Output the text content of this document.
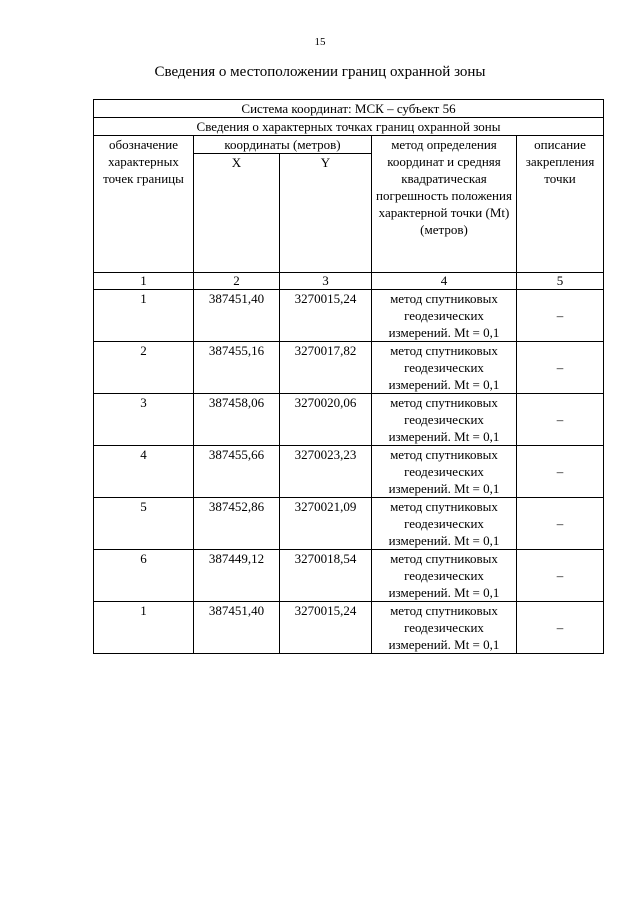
15
Сведения о местоположении границ охранной зоны
Система координат: МСК – субъект 56				
Сведения о характерных точках границ охранной зоны				
обозначение характерных точек границы	координаты (метров)		метод определения координат и средняя квадратическая погрешность положения характерной точки (Mt) (метров)	описание закрепления точки
	X	Y		
1	2	3	4	5
1	387451,40	3270015,24	метод спутниковых геодезических измерений. Mt = 0,1	–
2	387455,16	3270017,82	метод спутниковых геодезических измерений. Mt = 0,1	–
3	387458,06	3270020,06	метод спутниковых геодезических измерений. Mt = 0,1	–
4	387455,66	3270023,23	метод спутниковых геодезических измерений. Mt = 0,1	–
5	387452,86	3270021,09	метод спутниковых геодезических измерений. Mt = 0,1	–
6	387449,12	3270018,54	метод спутниковых геодезических измерений. Mt = 0,1	–
1	387451,40	3270015,24	метод спутниковых геодезических измерений. Mt = 0,1	–
